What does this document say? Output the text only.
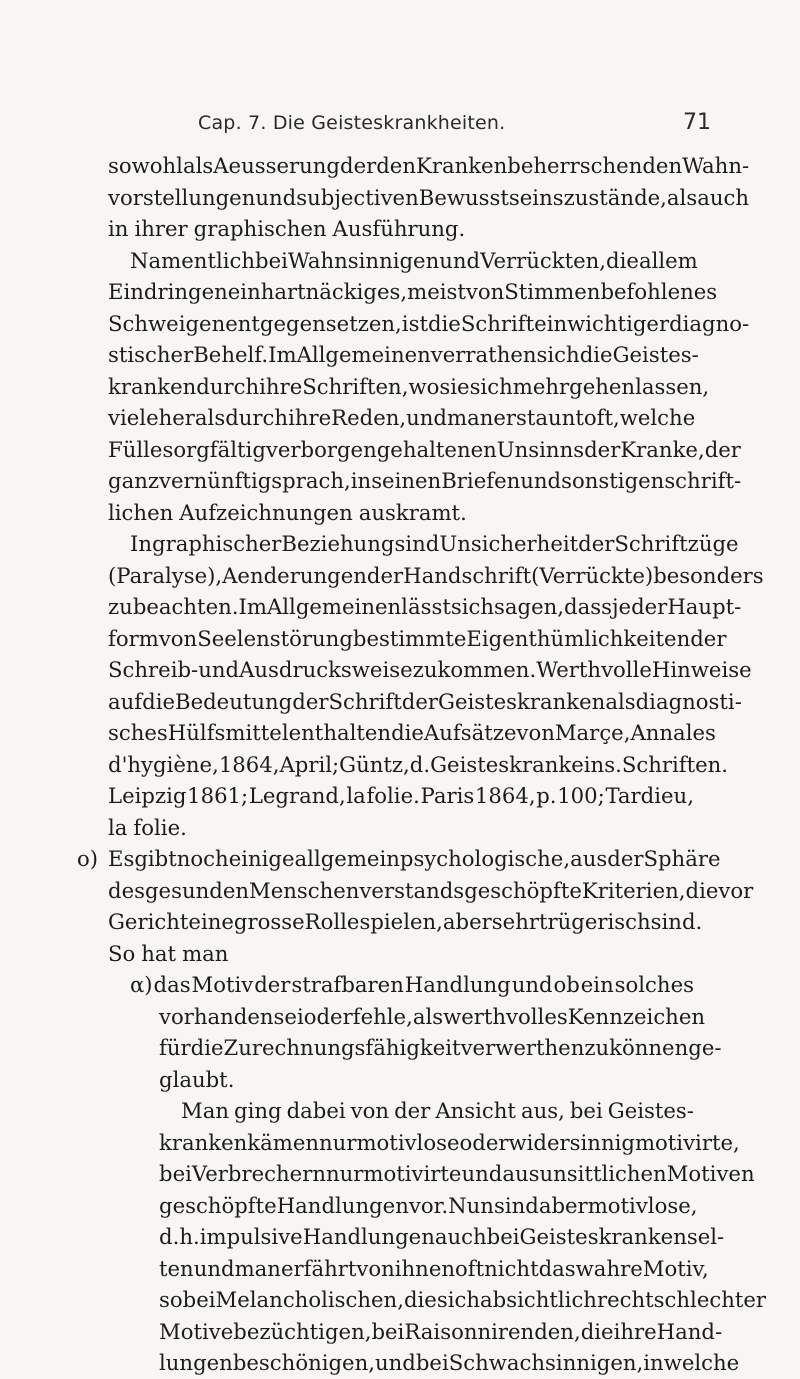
Cap. 7. Die Geisteskrankheiten.	71
sowohl als Aeusserung der den Kranken beherrschenden Wahn-
vorstellungen und subjectiven Bewusstseinszustände, als auch
in ihrer graphischen Ausführung.
Namentlich bei Wahnsinnigen und Verrückten, die allem
Eindringen ein hartnäckiges, meist von Stimmen befohlenes
Schweigen entgegensetzen, ist die Schrift ein wichtiger diagno-
stischer Behelf. Im Allgemeinen verrathen sich die Geistes-
kranken durch ihre Schriften, wo sie sich mehr gehen lassen,
viel eher als durch ihre Reden, und man erstaunt oft, welche
Fülle sorgfältig verborgen gehaltenen Unsinns der Kranke, der
ganz vernünftig sprach, in seinen Briefen und sonstigen schrift-
lichen Aufzeichnungen auskramt.
In graphischer Beziehung sind Unsicherheit der Schriftzüge
(Paralyse), Aenderungen der Handschrift (Verrückte) besonders
zu beachten. Im Allgemeinen lässt sich sagen, dass jeder Haupt-
form von Seelenstörung bestimmte Eigenthümlichkeiten der
Schreib- und Ausdrucksweise zukommen. Werthvolle Hinweise
auf die Bedeutung der Schrift der Geisteskranken als diagnosti-
sches Hülfsmittel enthalten die Aufsätze von Marçe, Annales
d'hygiène, 1864, April; Güntz, d. Geisteskranke in s. Schriften.
Leipzig 1861; Legrand, la folie. Paris 1864, p. 100; Tardieu,
la folie.
o) Es gibt noch einige allgemein psychologische, aus der Sphäre
des gesunden Menschenverstands geschöpfte Kriterien, die vor
Gericht eine grosse Rolle spielen, aber sehr trügerisch sind.
So hat man
α) das Motiv der strafbaren Handlung und ob ein solches
vorhanden sei oder fehle, als werthvolles Kennzeichen
für die Zurechnungsfähigkeit verwerthen zu können ge-
glaubt.
Man ging dabei von der Ansicht aus, bei Geistes-
kranken kämen nur motivlose oder widersinnig motivirte,
bei Verbrechern nur motivirte und aus unsittlichen Motiven
geschöpfte Handlungen vor. Nun sind aber motivlose,
d. h. impulsive Handlungen auch bei Geisteskranken sel-
ten und man erfährt von ihnen oft nicht das wahre Motiv,
so bei Melancholischen, die sich absichtlich recht schlechter
Motive bezüchtigen, bei Raisonnirenden, die ihre Hand-
lungen beschönigen, und bei Schwachsinnigen, in welche
